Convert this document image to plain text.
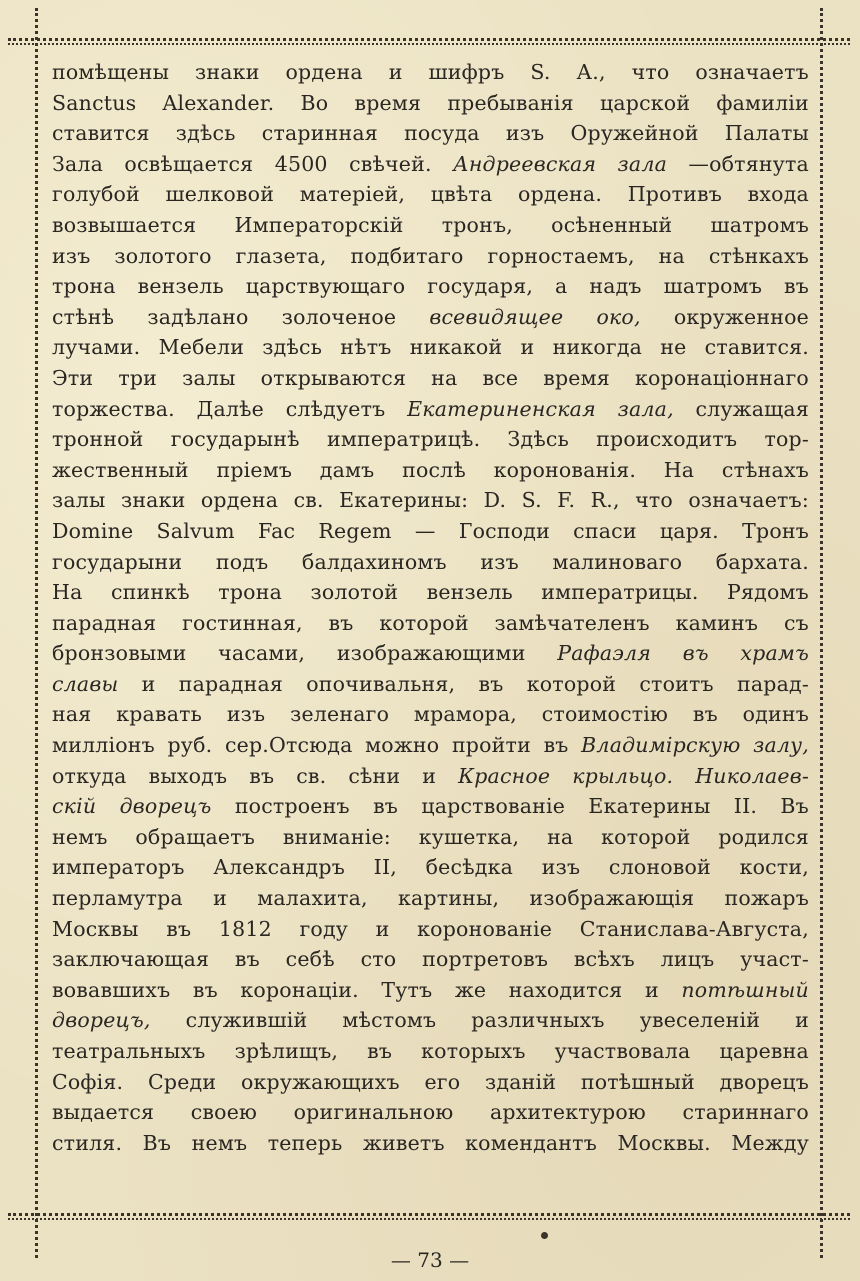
помѣщены знаки ордена и шифръ S. А., что означаетъ
Sanctus Alexander. Во время пребыванія царской фамиліи
ставится здѣсь старинная посуда изъ Оружейной Палаты
Зала освѣщается 4500 свѣчей. Андреевская зала —обтянута
голубой шелковой матеріей, цвѣта ордена. Противъ входа
возвышается Императорскій тронъ, осѣненный шатромъ
изъ золотого глазета, подбитаго горностаемъ, на стѣнкахъ
трона вензель царствующаго государя, а надъ шатромъ въ
стѣнѣ задѣлано золоченое всевидящее око, окруженное
лучами. Мебели здѣсь нѣтъ никакой и никогда не ставится.
Эти три залы открываются на все время коронаціоннаго
торжества. Далѣе слѣдуетъ Екатериненская зала, служащая
тронной государынѣ императрицѣ. Здѣсь происходитъ тор-
жественный пріемъ дамъ послѣ коронованія. На стѣнахъ
залы знаки ордена св. Екатерины: D. S. F. R., что означаетъ:
Domine Salvum Fac Regem — Господи спаси царя. Тронъ
государыни подъ балдахиномъ изъ малиноваго бархата.
На спинкѣ трона золотой вензель императрицы. Рядомъ
парадная гостинная, въ которой замѣчателенъ каминъ съ
бронзовыми часами, изображающими Рафаэля въ храмъ
славы и парадная опочивальня, въ которой стоитъ парад-
ная кравать изъ зеленаго мрамора, стоимостію въ одинъ
милліонъ руб. сер.Отсюда можно пройти въ Владимірскую залу,
откуда выходъ въ св. сѣни и Красное крыльцо. Николаев-
скій дворецъ построенъ въ царствованіе Екатерины II. Въ
немъ обращаетъ вниманіе: кушетка, на которой родился
императоръ Александръ II, бесѣдка изъ слоновой кости,
перламутра и малахита, картины, изображающія пожаръ
Москвы въ 1812 году и коронованіе Станислава-Августа,
заключающая въ себѣ сто портретовъ всѣхъ лицъ участ-
вовавшихъ въ коронаціи. Тутъ же находится и потѣшный
дворецъ, служившій мѣстомъ различныхъ увеселеній и
театральныхъ зрѣлищъ, въ которыхъ участвовала царевна
Софія. Среди окружающихъ его зданій потѣшный дворецъ
выдается своею оригинальною архитектурою стариннаго
стиля. Въ немъ теперь живетъ комендантъ Москвы. Между
— 73 —
